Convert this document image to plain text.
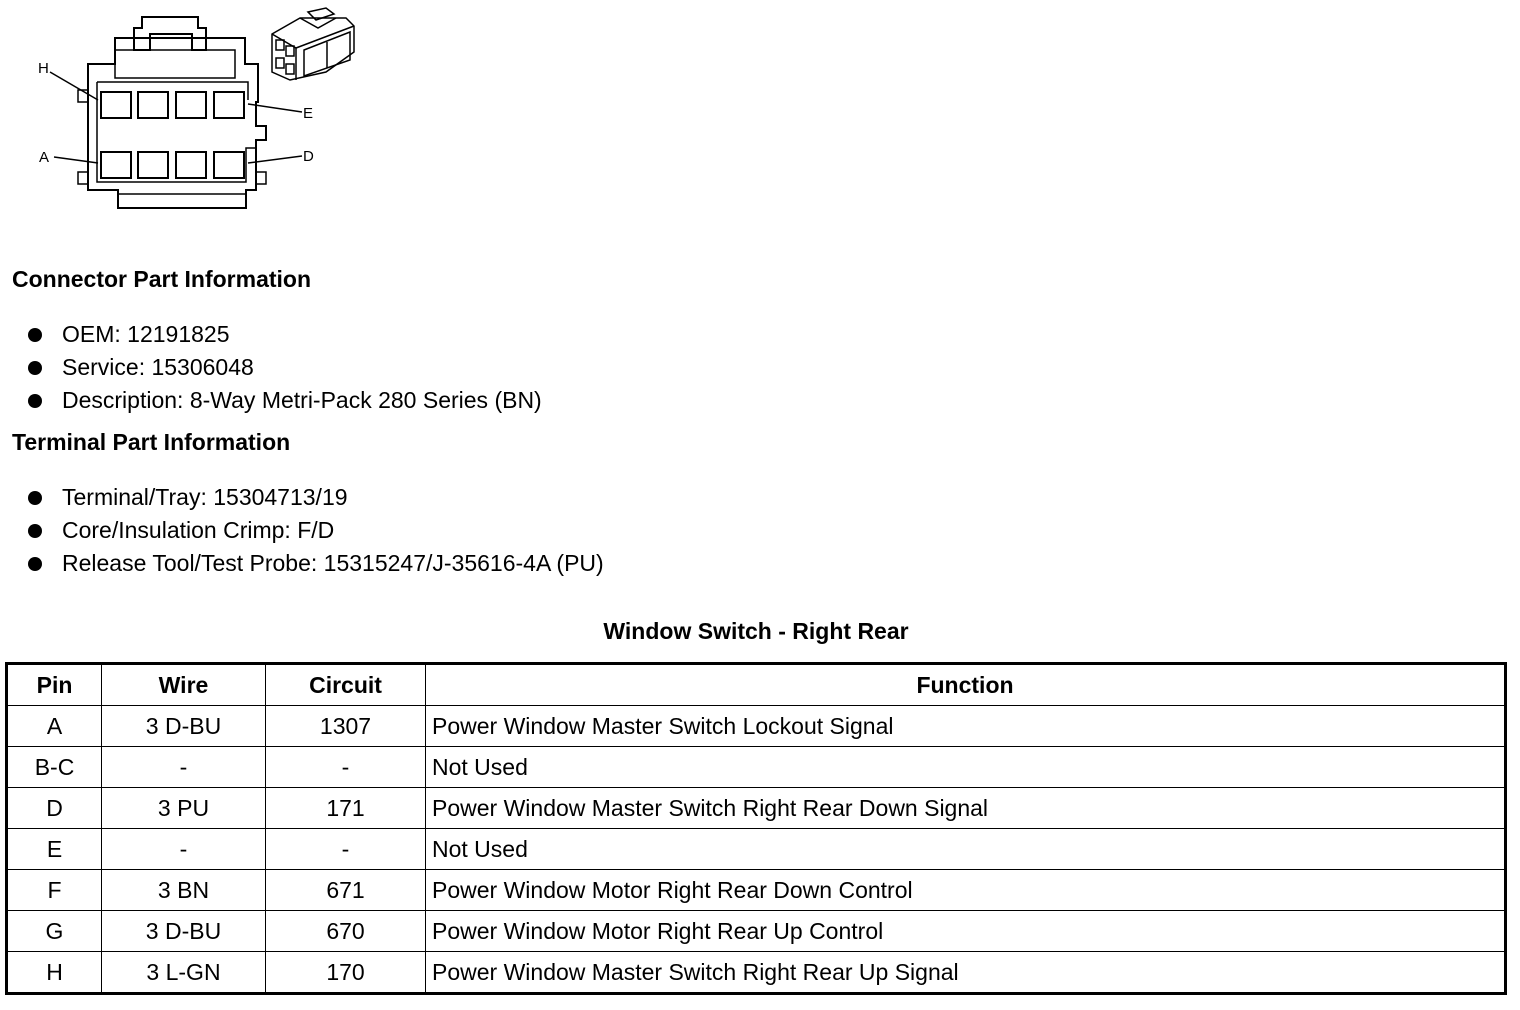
H
E
A	D
Connector Part Information
OEM: 12191825
Service: 15306048
Description: 8-Way Metri-Pack 280 Series (BN)
Terminal Part Information
Terminal/Tray: 15304713/19
Core/Insulation Crimp: F/D
Release Tool/Test Probe: 15315247/J-35616-4A (PU)
Window Switch - Right Rear
Pin	Wire	Circuit	Function
A	3 D-BU	1307	Power Window Master Switch Lockout Signal
B-C	-	-	Not Used
D	3 PU	171	Power Window Master Switch Right Rear Down Signal
E	-	-	Not Used
F	3 BN	671	Power Window Motor Right Rear Down Control
G	3 D-BU	670	Power Window Motor Right Rear Up Control
H	3 L-GN	170	Power Window Master Switch Right Rear Up Signal
